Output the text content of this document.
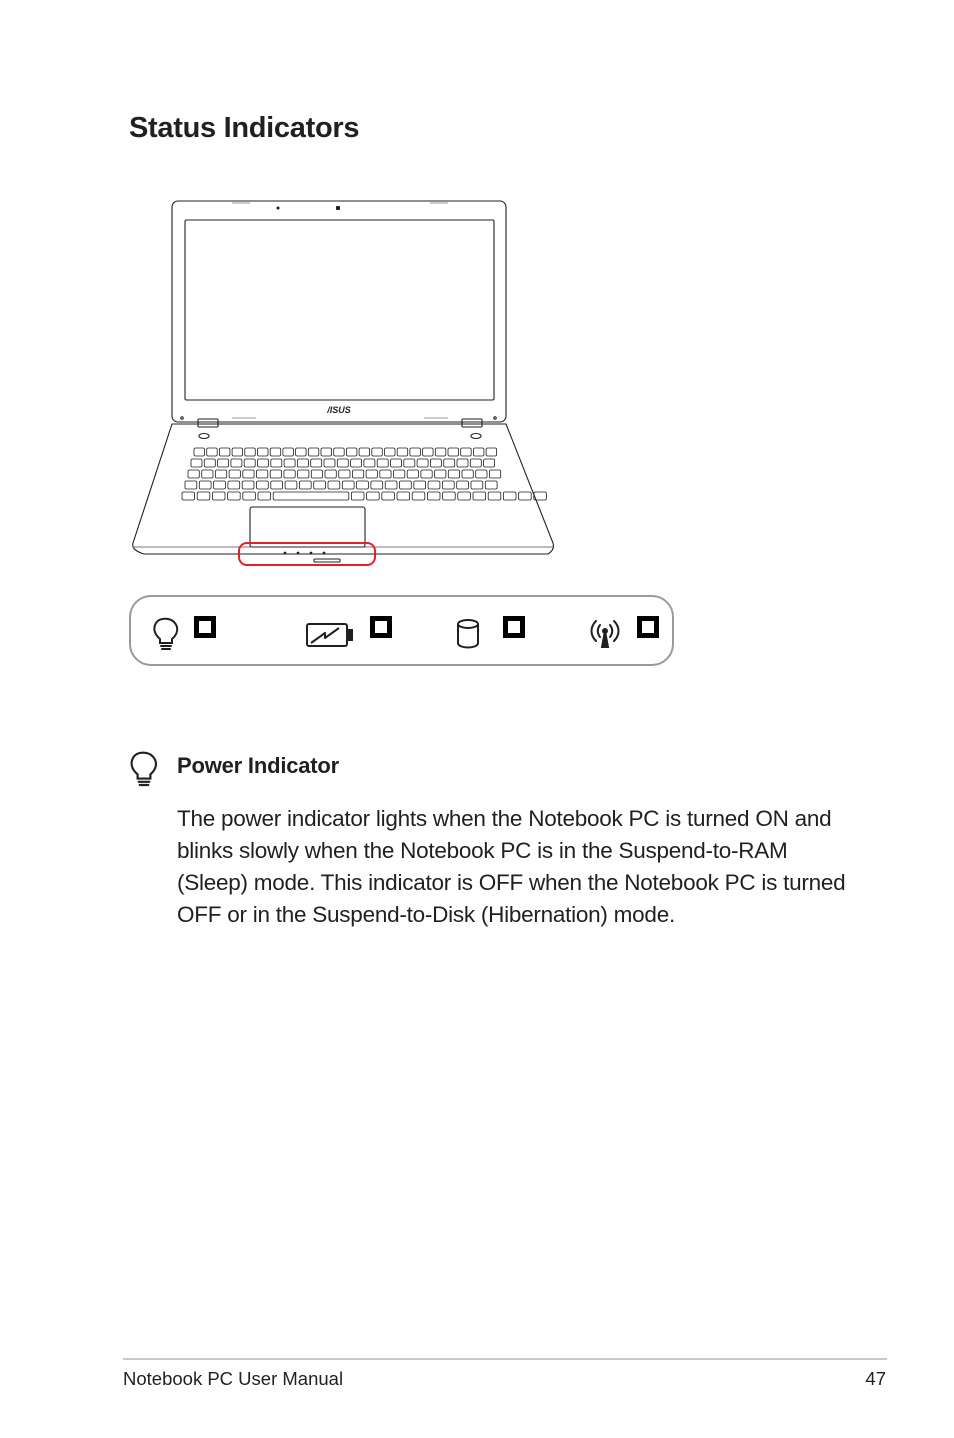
Status Indicators
/ISUS
Power Indicator
The power indicator lights when the Notebook PC is turned ON and blinks slowly when the Notebook PC is in the Suspend-to-RAM (Sleep) mode. This indicator is OFF when the Notebook PC is turned OFF or in the Suspend-to-Disk (Hibernation) mode.
Notebook PC User Manual	47
